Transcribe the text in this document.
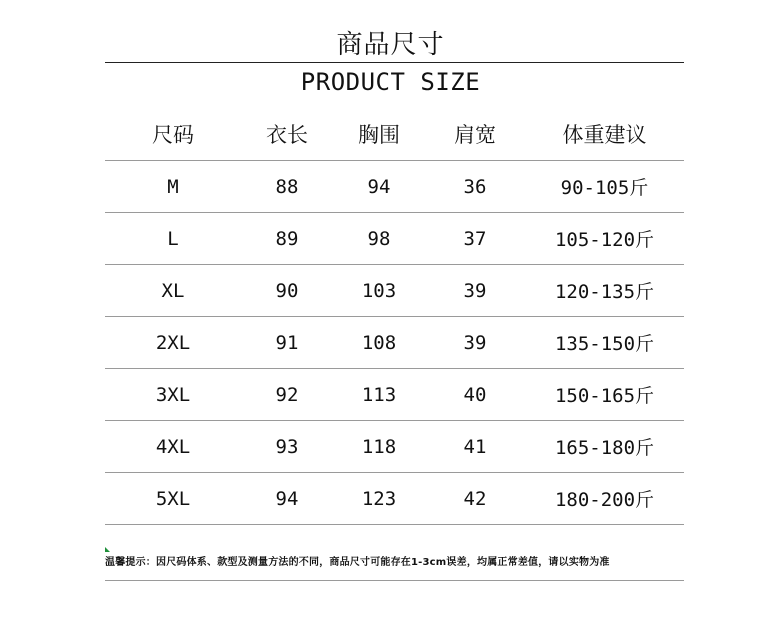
商品尺寸
PRODUCT SIZE
尺码	衣长	胸围	肩宽	体重建议
M	88	94	36	90-105斤
L	89	98	37	105-120斤
XL	90	103	39	120-135斤
2XL	91	108	39	135-150斤
3XL	92	113	40	150-165斤
4XL	93	118	41	165-180斤
5XL	94	123	42	180-200斤
温馨提示：因尺码体系、款型及测量方法的不同，商品尺寸可能存在1-3cm误差，均属正常差值，请以实物为准
